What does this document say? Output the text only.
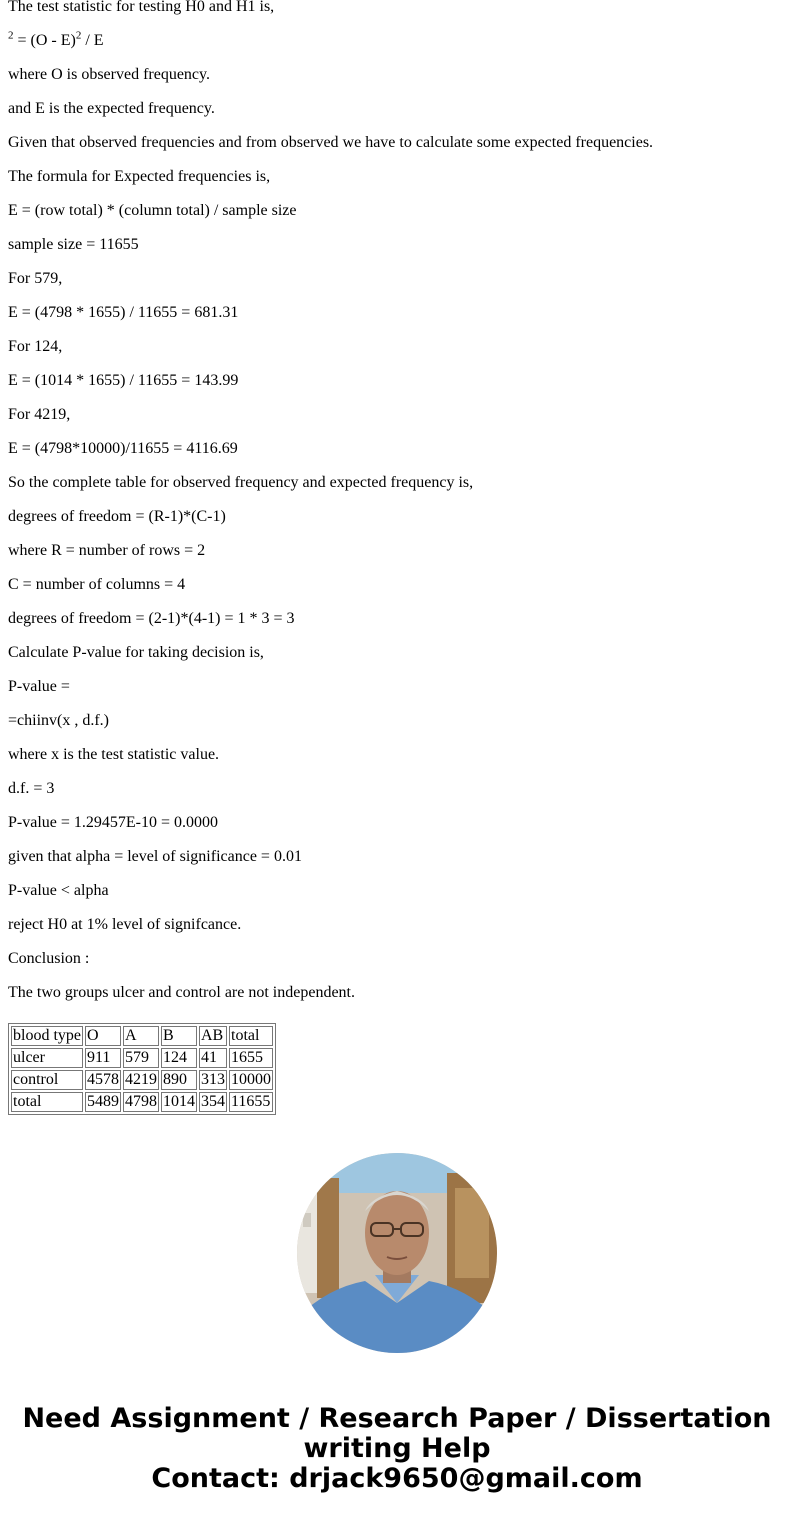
The test statistic for testing H0 and H1 is,

$^2$ = (O - E)$^2$ / E

where O is observed frequency.

and E is the expected frequency.

Given that observed frequencies and from observed we have to calculate some expected frequencies.

The formula for Expected frequencies is,

E = (row total) * (column total) / sample size

sample size = 11655

For 579,

E = (4798 * 1655) / 11655 = 681.31

For 124,

E = (1014 * 1655) / 11655 = 143.99

For 4219,

E = (4798*10000)/11655 = 4116.69

So the complete table for observed frequency and expected frequency is,

degrees of freedom = (R-1)*(C-1)

where R = number of rows = 2

C = number of columns = 4

degrees of freedom = (2-1)*(4-1) = 1 * 3 = 3

Calculate P-value for taking decision is,

P-value =

=chiinv(x , d.f.)

where x is the test statistic value.

d.f. = 3

P-value = 1.29457E-10 = 0.0000

given that alpha = level of significance = 0.01

P-value < alpha

reject H0 at 1% level of signifcance.

Conclusion :

The two groups ulcer and control are not independent.

blood type	O	A	B	AB	total
ulcer	911	579	124	41	1655
control	4578	4219	890	313	10000
total	5489	4798	1014	354	11655
Need Assignment / Research Paper / Dissertation
writing Help
Contact: drjack9650@gmail.com
